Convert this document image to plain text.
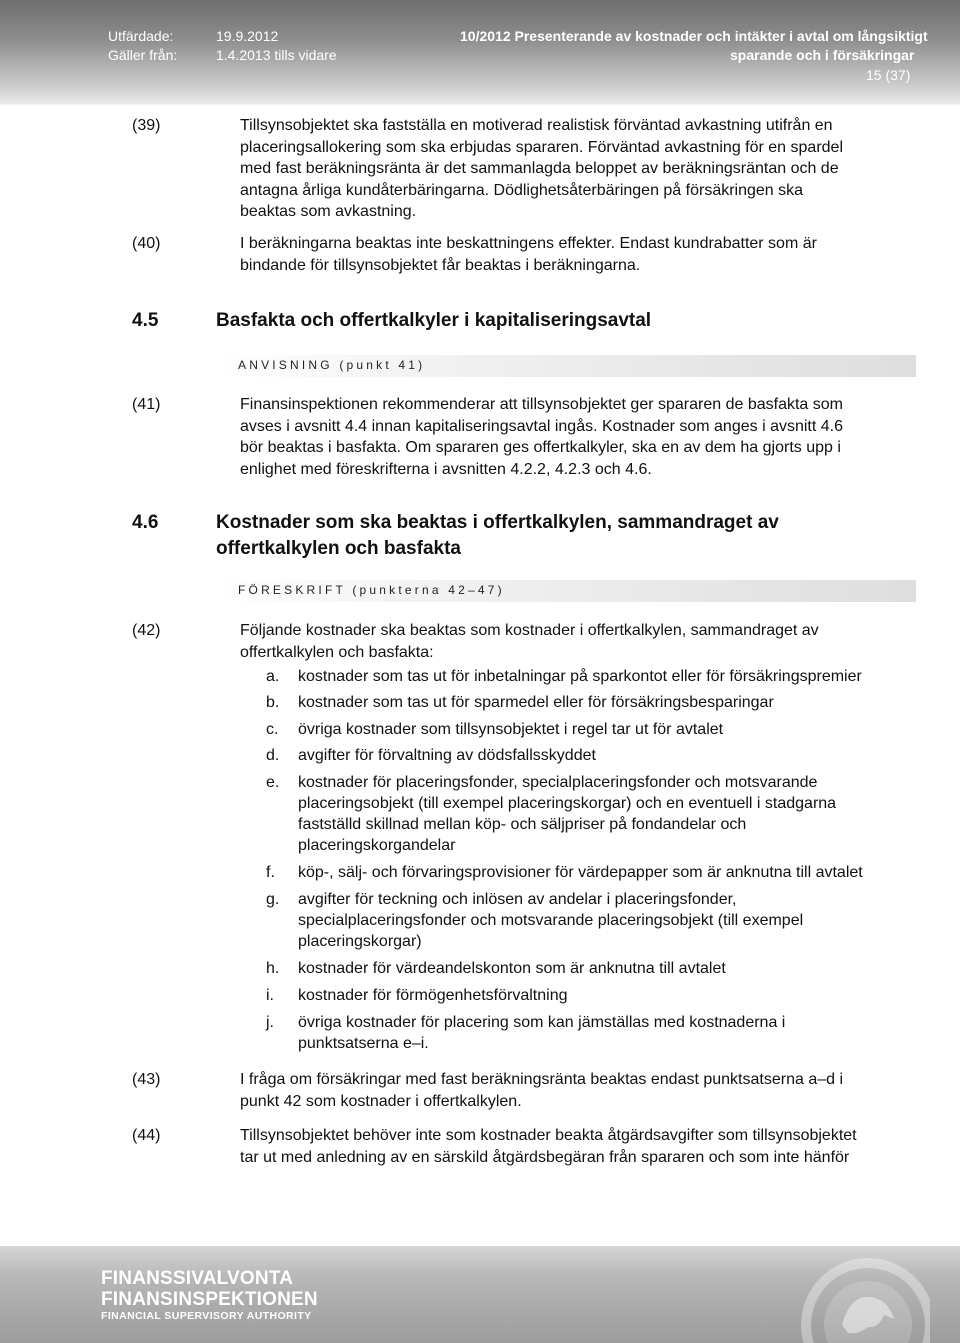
Utfärdade:	19.9.2012
Gäller från:	1.4.2013 tills vidare
10/2012 Presenterande av kostnader och intäkter i avtal om långsiktigt
sparande och i försäkringar
15 (37)
(39)	Tillsynsobjektet ska fastställa en motiverad realistisk förväntad avkastning utifrån en
placeringsallokering som ska erbjudas spararen. Förväntad avkastning för en spardel
med fast beräkningsränta är det sammanlagda beloppet av beräkningsräntan och de
antagna årliga kundåterbäringarna. Dödlighetsåterbäringen på försäkringen ska
beaktas som avkastning.
(40)	I beräkningarna beaktas inte beskattningens effekter. Endast kundrabatter som är
bindande för tillsynsobjektet får beaktas i beräkningarna.
4.5	Basfakta och offertkalkyler i kapitaliseringsavtal
ANVISNING (punkt 41)
(41)	Finansinspektionen rekommenderar att tillsynsobjektet ger spararen de basfakta som
avses i avsnitt 4.4 innan kapitaliseringsavtal ingås. Kostnader som anges i avsnitt 4.6
bör beaktas i basfakta. Om spararen ges offertkalkyler, ska en av dem ha gjorts upp i
enlighet med föreskrifterna i avsnitten 4.2.2, 4.2.3 och 4.6.
4.6	Kostnader som ska beaktas i offertkalkylen, sammandraget av
offertkalkylen och basfakta
FÖRESKRIFT (punkterna 42–47)
(42)	Följande kostnader ska beaktas som kostnader i offertkalkylen, sammandraget av
offertkalkylen och basfakta:
a. kostnader som tas ut för inbetalningar på sparkontot eller för försäkringspremier
b. kostnader som tas ut för sparmedel eller för försäkringsbesparingar
c. övriga kostnader som tillsynsobjektet i regel tar ut för avtalet
d. avgifter för förvaltning av dödsfallsskyddet
e. kostnader för placeringsfonder, specialplaceringsfonder och motsvarande
placeringsobjekt (till exempel placeringskorgar) och en eventuell i stadgarna
fastställd skillnad mellan köp- och säljpriser på fondandelar och
placeringskorgandelar
f. köp-, sälj- och förvaringsprovisioner för värdepapper som är anknutna till avtalet
g. avgifter för teckning och inlösen av andelar i placeringsfonder,
specialplaceringsfonder och motsvarande placeringsobjekt (till exempel
placeringskorgar)
h. kostnader för värdeandelskonton som är anknutna till avtalet
i. kostnader för förmögenhetsförvaltning
j. övriga kostnader för placering som kan jämställas med kostnaderna i
punktsatserna e–i.
(43)	I fråga om försäkringar med fast beräkningsränta beaktas endast punktsatserna a–d i
punkt 42 som kostnader i offertkalkylen.
(44)	Tillsynsobjektet behöver inte som kostnader beakta åtgärdsavgifter som tillsynsobjektet
tar ut med anledning av en särskild åtgärdsbegäran från spararen och som inte hänför
FINANSSIVALVONTA
FINANSINSPEKTIONEN
FINANCIAL SUPERVISORY AUTHORITY
